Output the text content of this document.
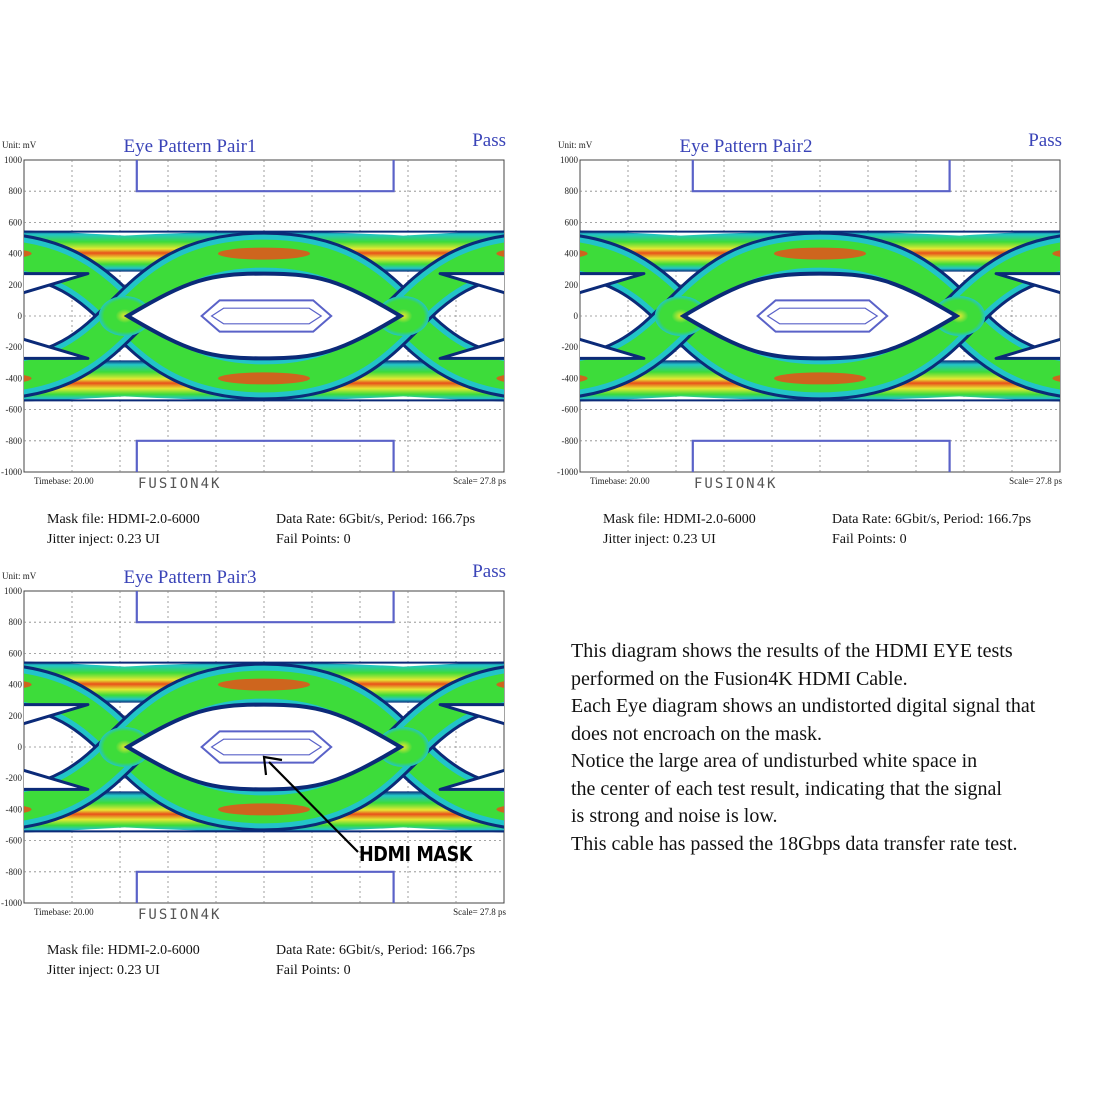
1000
800
600
400
200
0
-200
-400
-600
-800
-1000
Unit: mV	Eye Pattern Pair1	Pass
Timebase: 20.00	FUSION4K	Scale= 27.8 ps
Mask file: HDMI-2.0-6000
Jitter inject: 0.23 UI
Data Rate: 6Gbit/s, Period: 166.7ps
Fail Points: 0
1000
800
600
400
200
0
-200
-400
-600
-800
-1000
Unit: mV	Eye Pattern Pair2	Pass
Timebase: 20.00	FUSION4K	Scale= 27.8 ps
Mask file: HDMI-2.0-6000
Jitter inject: 0.23 UI
Data Rate: 6Gbit/s, Period: 166.7ps
Fail Points: 0
1000
800
600
400
200
0
-200
-400
-600
-800
-1000
Unit: mV	Eye Pattern Pair3	Pass
Timebase: 20.00	FUSION4K	Scale= 27.8 ps
Mask file: HDMI-2.0-6000
Jitter inject: 0.23 UI
Data Rate: 6Gbit/s, Period: 166.7ps
Fail Points: 0
HDMI MASK
This diagram shows the results of the HDMI EYE tests
performed on the Fusion4K HDMI Cable.
Each Eye diagram shows an undistorted digital signal that
does not encroach on the mask.
Notice the large area of undisturbed white space in
the center of each test result, indicating that the signal
is strong and noise is low.
This cable has passed the 18Gbps data transfer rate test.
